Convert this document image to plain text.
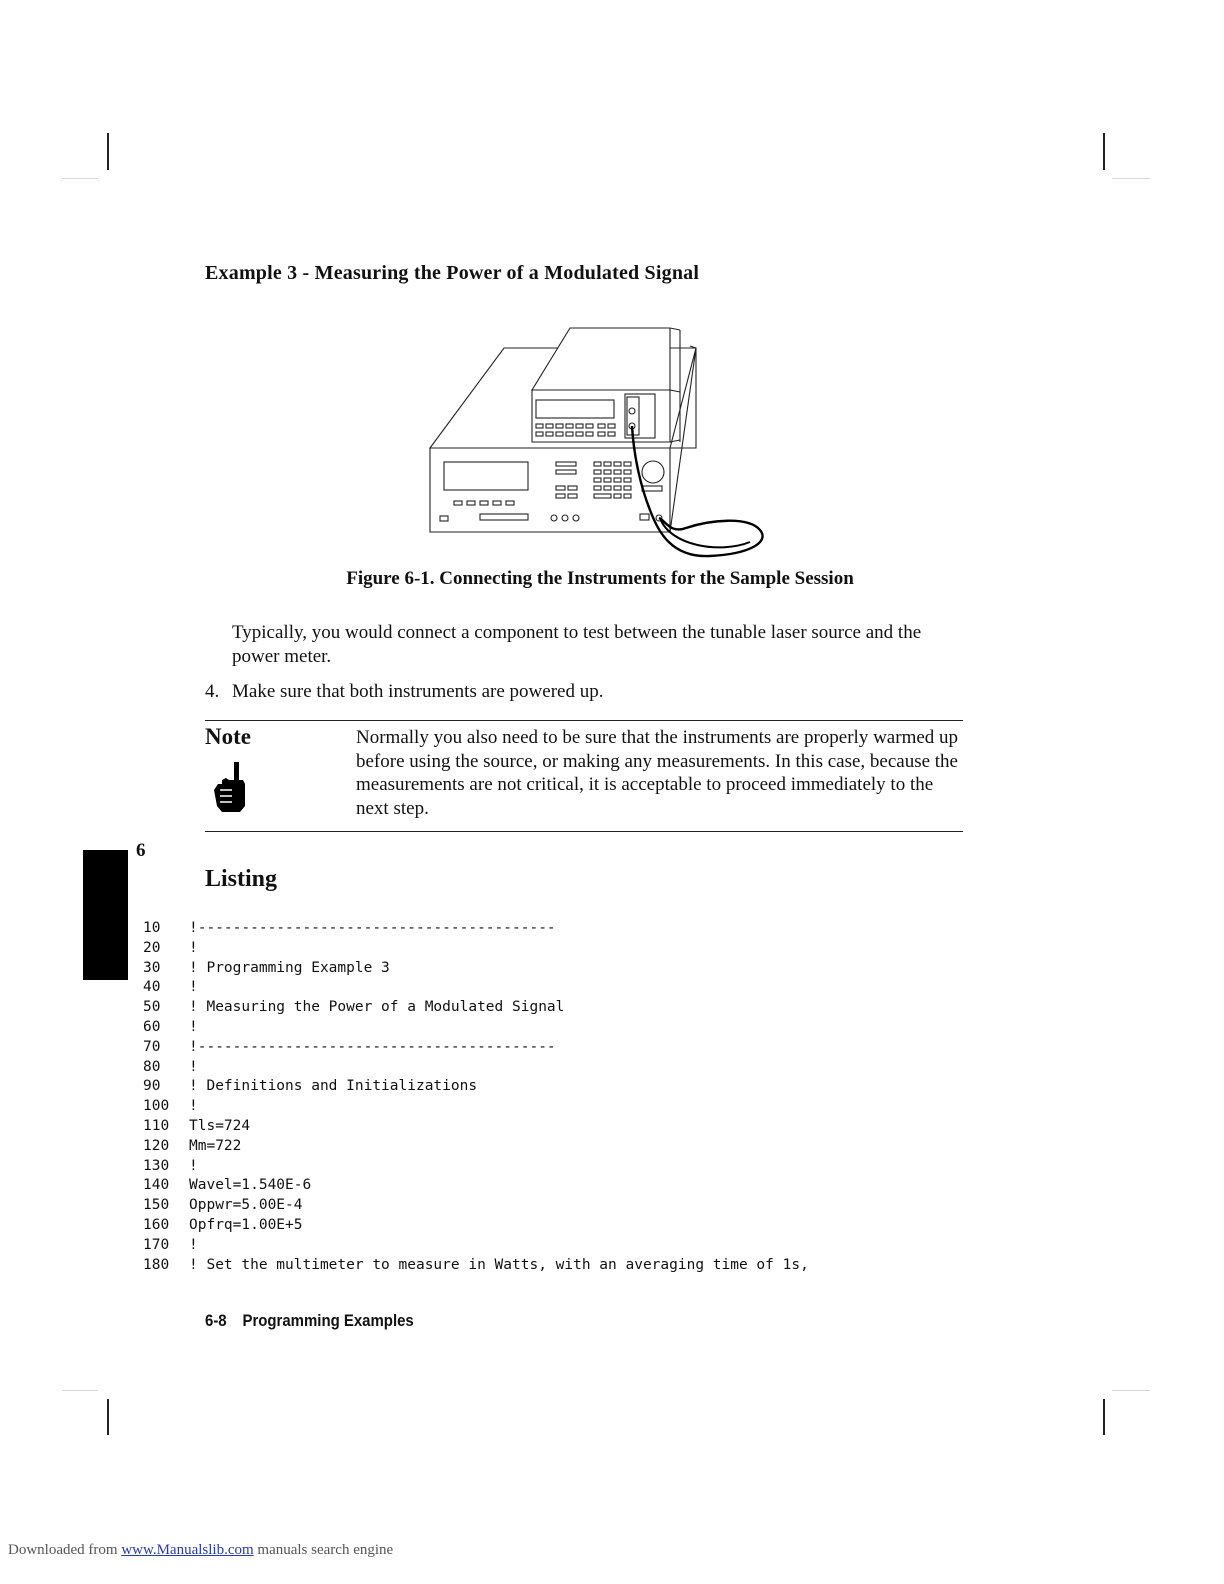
Example 3 - Measuring the Power of a Modulated Signal
Figure 6-1. Connecting the Instruments for the Sample Session
Typically, you would connect a component to test between the tunable laser source and the power meter.
4. Make sure that both instruments are powered up.
Note	Normally you also need to be sure that the instruments are properly warmed up before using the source, or making any measurements. In this case, because the measurements are not critical, it is acceptable to proceed immediately to the next step.
6
Listing
10 !-----------------------------------------
20 !
30 ! Programming Example 3
40 !
50 ! Measuring the Power of a Modulated Signal
60 !
70 !-----------------------------------------
80 !
90 ! Definitions and Initializations
100 !
110 Tls=724
120 Mm=722
130 !
140 Wavel=1.540E-6
150 Oppwr=5.00E-4
160 Opfrq=1.00E+5
170 !
180 ! Set the multimeter to measure in Watts, with an averaging time of 1s,
6-8 Programming Examples
Downloaded from www.Manualslib.com manuals search engine
